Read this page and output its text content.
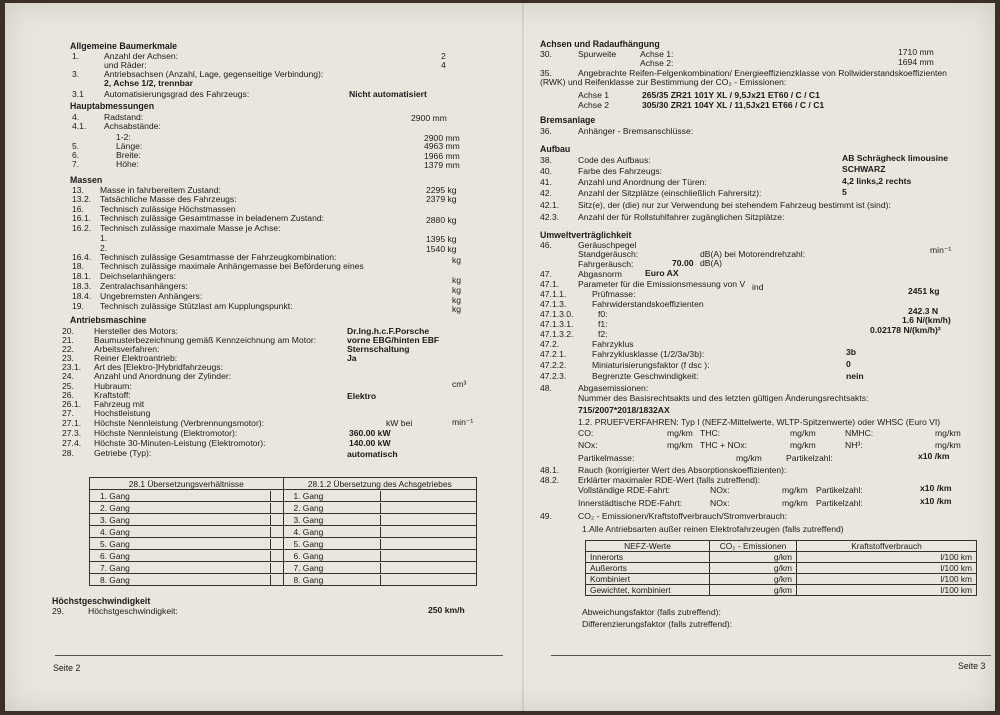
Allgemeine Baumerkmale
1.	Anzahl der Achsen:	2
und Räder:	4
3.	Antriebsachsen (Anzahl, Lage, gegenseitige Verbindung):
2, Achse 1/2, trennbar
3.1 Automatisierungsgrad des Fahrzeugs:	Nicht automatisiert
Hauptabmessungen
4.	Radstand:	2900 mm
4.1. Achsabstände:
1-2:	2900 mm
5.	Länge:	4963 mm
6.	Breite:	1966 mm
7.	Höhe:	1379 mm
Massen
13. Masse in fahrbereitem Zustand:	2295 kg
13.2. Tatsächliche Masse des Fahrzeugs:	2379 kg
16. Technisch zulässige Höchstmassen
16.1. Technisch zulässige Gesamtmasse in beladenem Zustand:	2880 kg
16.2. Technisch zulässige maximale Masse je Achse:
1.	1395 kg
2.	1540 kg
16.4. Technisch zulässige Gesamtmasse der Fahrzeugkombination:	kg
18. Technisch zulässige maximale Anhängemasse bei Beförderung eines
18.1. Deichselanhängers:	kg
18.3. Zentralachsanhängers:	kg
18.4. Ungebremsten Anhängers:	kg
19. Technisch zulässige Stützlast am Kupplungspunkt:	kg
Antriebsmaschine
20. Hersteller des Motors:	Dr.Ing.h.c.F.Porsche
21. Baumusterbezeichnung gemäß Kennzeichnung am Motor:	vorne EBG/hinten EBF
22. Arbeitsverfahren:	Sternschaltung
23. Reiner Elektroantrieb:	Ja
23.1. Art des [Elektro-]Hybridfahrzeugs:
24. Anzahl und Anordnung der Zylinder:
25. Hubraum:	cm³
26. Kraftstoff:	Elektro
26.1. Fahrzeug mit
27. Hochstleistung
27.1. Höchste Nennleistung (Verbrennungsmotor):	kW bei	min⁻¹
27.3. Höchste Nennleistung (Elektromotor):	360.00 kW
27.4. Höchste 30-Minuten-Leistung (Elektromotor):	140.00 kW
28. Getriebe (Typ):	automatisch
Höchstgeschwindigkeit
29.	Höchstgeschwindigkeit:	250 km/h
28.1 Übersetzungsverhältnisse	28.1.2 Übersetzung des Achsgetriebes

1. Gang	1. Gang

2. Gang	2. Gang

3. Gang	3. Gang

4. Gang	4. Gang

5. Gang	5. Gang

6. Gang	6. Gang

7. Gang	7. Gang

8. Gang	8. Gang
Achsen und Radaufhängung
30.	Spurweite	Achse 1:	1710 mm
Achse 2:	1694 mm
35.	Angebrachte Reifen-Felgenkombination/ Energieeffizienzklasse von Rollwiderstandskoeffizienten
(RWK) und Reifenklasse zur Bestimmung der CO₂ - Emissionen:
Achse 1	265/35 ZR21 101Y XL / 9,5Jx21 ET60 / C / C1
Achse 2	305/30 ZR21 104Y XL / 11,5Jx21 ET66 / C / C1
Bremsanlage
36.	Anhänger - Bremsanschlüsse:
Aufbau
38.	Code des Aufbaus:	AB Schrägheck limousine
40.	Farbe des Fahrzeugs:	SCHWARZ
41.	Anzahl und Anordnung der Türen:	4,2 links,2 rechts
42.	Anzahl der Sitzplätze (einschließlich Fahrersitz):	5
42.1. Sitz(e), der (die) nur zur Verwendung bei stehendem Fahrzeug bestimmt ist (sind):
42.3. Anzahl der für Rollstuhlfahrer zugänglichen Sitzplätze:
Umweltverträglichkeit
46.	Geräuschpegel
Standgeräusch:	dB(A) bei Motorendrehzahl:	min⁻¹
Fahrgeräusch:	70.00 dB(A)
47.	Abgasnorm	Euro AX
47.1. Parameter für die Emissionsmessung von V ind
47.1.1.	Prüfmasse:	2451 kg
47.1.3.	Fahrwiderstandskoeffizienten
47.1.3.0.	f0:	242.3 N
47.1.3.1.	f1:	1.6 N/(km/h)
47.1.3.2.	f2:	0.02178 N/(km/h)²
47.2.	Fahrzyklus
47.2.1.	Fahrzyklusklasse (1/2/3a/3b):	3b
47.2.2.	Miniaturisierungsfaktor (f dsc ):	0
47.2.3.	Begrenzte Geschwindigkeit:	nein
48.	Abgasemissionen:
Nummer des Basisrechtsakts und des letzten gültigen Änderungsrechtsakts:
715/2007*2018/1832AX
1.2. PRUEFVERFAHREN: Typ I (NEFZ-Mittelwerte, WLTP-Spitzenwerte) oder WHSC (Euro VI)
CO:	mg/km THC:	mg/km	NMHC:	mg/km
NOx:	mg/km THC + NOx:	mg/km	NH³:	mg/km
Partikelmasse:	mg/km	Partikelzahl:	x10 /km
48.1. Rauch (korrigierter Wert des Absorptionskoeffizienten):
48.2. Erklärter maximaler RDE-Wert (falls zutreffend):
Vollständige RDE-Fahrt:	NOx:	mg/km Partikelzahl:	x10 /km
Innerstädtische RDE-Fahrt:	NOx:	mg/km Partikelzahl:	x10 /km
49.	CO₂ - Emissionen/Kraftstoffverbrauch/Stromverbrauch:
1.Alle Antriebsarten außer reinen Elektrofahrzeugen (falls zutreffend)
Abweichungsfaktor (falls zutreffend):
Differenzierungsfaktor (falls zutreffend):
NEFZ-Werte	CO₂ - Emissionen	Kraftstoffverbrauch
Innerorts	g/km	l/100 km
Außerorts	g/km	l/100 km
Kombiniert	g/km	l/100 km
Gewichtet, kombiniert	g/km	l/100 km
Seite 2	Seite 3
